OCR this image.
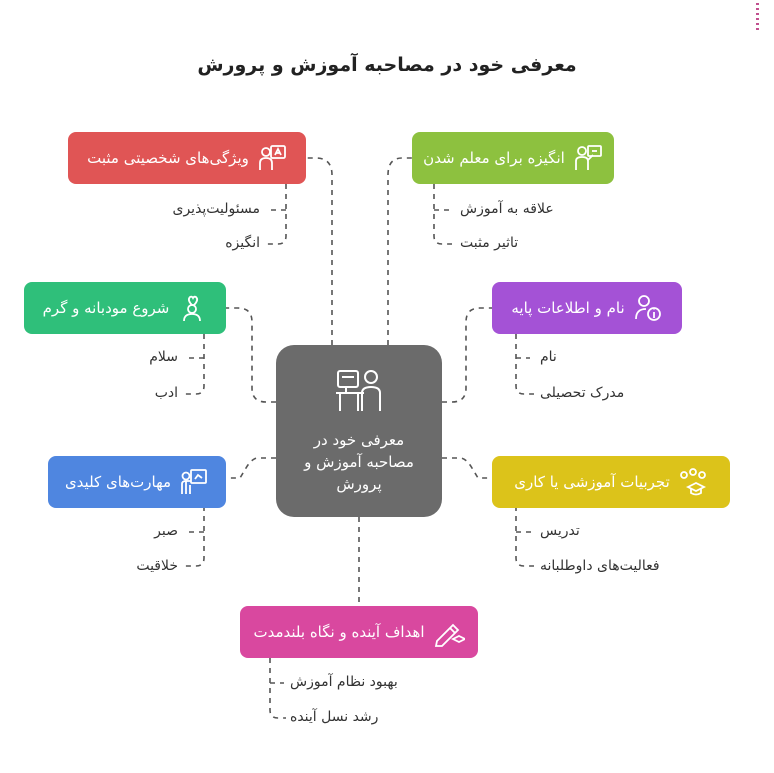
معرفی خود در مصاحبه آموزش و پرورش
معرفی خود در مصاحبه آموزش و پرورش
ویژگی‌های شخصیتی مثبت
مسئولیت‌پذیری
انگیزه
انگیزه برای معلم شدن
علاقه به آموزش
تاثیر مثبت
شروع مودبانه و گرم
سلام
ادب
نام و اطلاعات پایه
نام
مدرک تحصیلی
مهارت‌های کلیدی
صبر
خلاقیت
تجربیات آموزشی یا کاری
تدریس
فعالیت‌های داوطلبانه
اهداف آینده و نگاه بلندمدت
بهبود نظام آموزش
رشد نسل آینده
